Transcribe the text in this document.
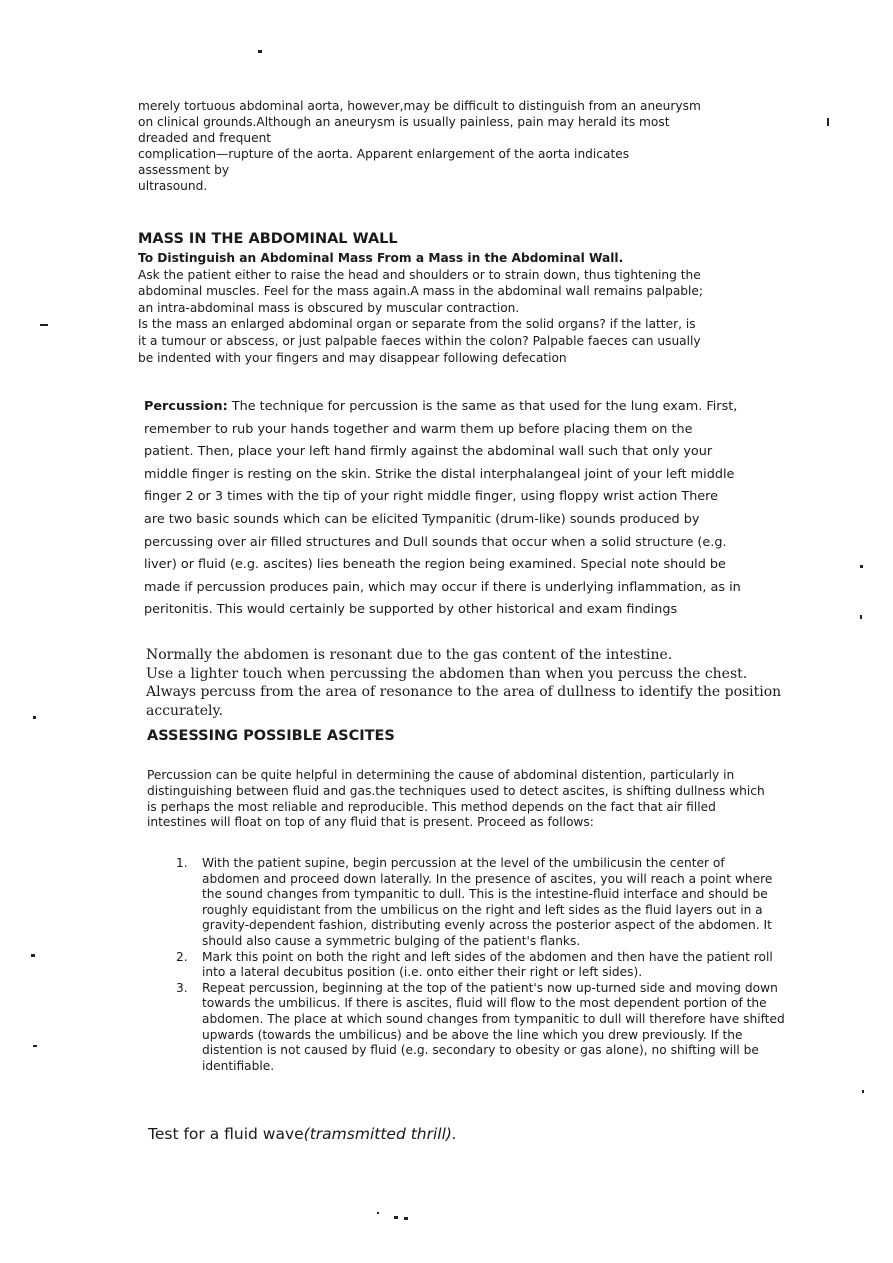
merely tortuous abdominal aorta, however,may be difficult to distinguish from an aneurysm
on clinical grounds.Although an aneurysm is usually painless, pain may herald its most
dreaded and frequent
complication—rupture of the aorta. Apparent enlargement of the aorta indicates
assessment by
ultrasound.
MASS IN THE ABDOMINAL WALL
To Distinguish an Abdominal Mass From a Mass in the Abdominal Wall.
Ask the patient either to raise the head and shoulders or to strain down, thus tightening the
abdominal muscles. Feel for the mass again.A mass in the abdominal wall remains palpable;
an intra-abdominal mass is obscured by muscular contraction.
Is the mass an enlarged abdominal organ or separate from the solid organs? if the latter, is
it a tumour or abscess, or just palpable faeces within the colon? Palpable faeces can usually
be indented with your fingers and may disappear following defecation
Percussion: The technique for percussion is the same as that used for the lung exam. First,
remember to rub your hands together and warm them up before placing them on the
patient. Then, place your left hand firmly against the abdominal wall such that only your
middle finger is resting on the skin. Strike the distal interphalangeal joint of your left middle
finger 2 or 3 times with the tip of your right middle finger, using floppy wrist action There
are two basic sounds which can be elicited Tympanitic (drum-like) sounds produced by
percussing over air filled structures and Dull sounds that occur when a solid structure (e.g.
liver) or fluid (e.g. ascites) lies beneath the region being examined. Special note should be
made if percussion produces pain, which may occur if there is underlying inflammation, as in
peritonitis. This would certainly be supported by other historical and exam findings
Normally the abdomen is resonant due to the gas content of the intestine.
Use a lighter touch when percussing the abdomen than when you percuss the chest.
Always percuss from the area of resonance to the area of dullness to identify the position
accurately.
ASSESSING POSSIBLE ASCITES
Percussion can be quite helpful in determining the cause of abdominal distention, particularly in
distinguishing between fluid and gas.the techniques used to detect ascites, is shifting dullness which
is perhaps the most reliable and reproducible. This method depends on the fact that air filled
intestines will float on top of any fluid that is present. Proceed as follows:
1. With the patient supine, begin percussion at the level of the umbilicusin the center of
abdomen and proceed down laterally. In the presence of ascites, you will reach a point where
the sound changes from tympanitic to dull. This is the intestine-fluid interface and should be
roughly equidistant from the umbilicus on the right and left sides as the fluid layers out in a
gravity-dependent fashion, distributing evenly across the posterior aspect of the abdomen. It
should also cause a symmetric bulging of the patient's flanks.
2. Mark this point on both the right and left sides of the abdomen and then have the patient roll
into a lateral decubitus position (i.e. onto either their right or left sides).
3. Repeat percussion, beginning at the top of the patient's now up-turned side and moving down
towards the umbilicus. If there is ascites, fluid will flow to the most dependent portion of the
abdomen. The place at which sound changes from tympanitic to dull will therefore have shifted
upwards (towards the umbilicus) and be above the line which you drew previously. If the
distention is not caused by fluid (e.g. secondary to obesity or gas alone), no shifting will be
identifiable.
Test for a fluid wave(tramsmitted thrill).
